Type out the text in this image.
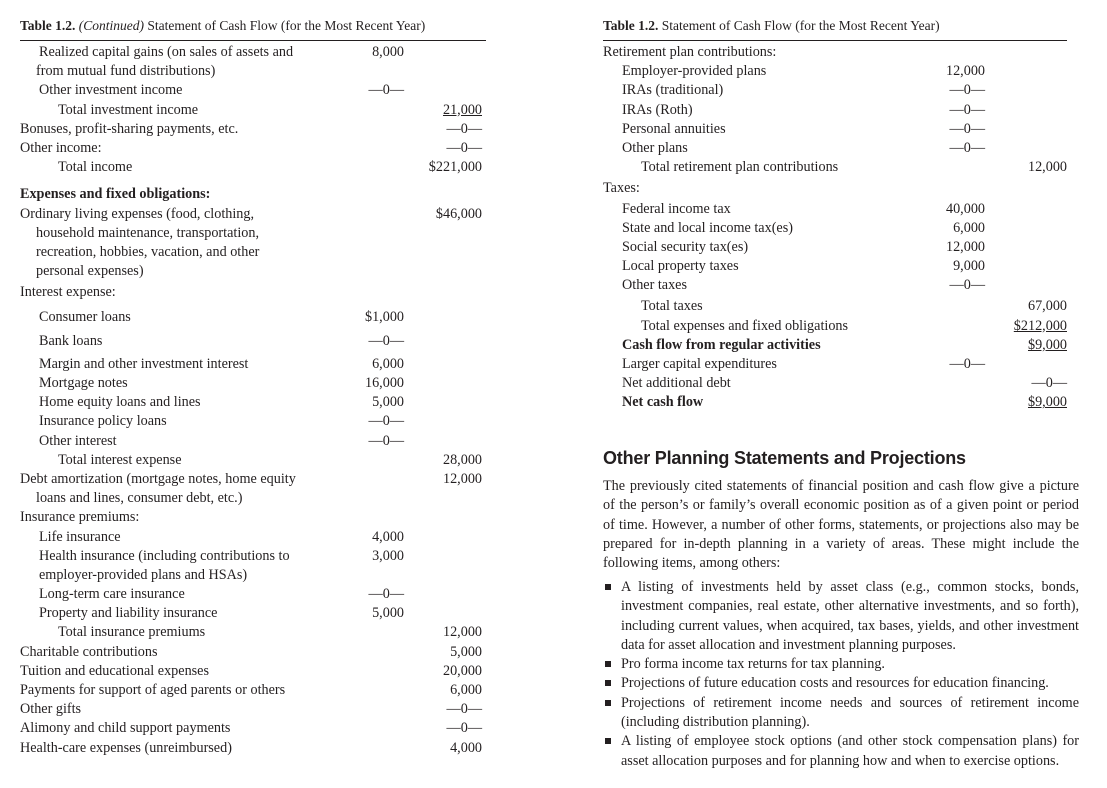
Table 1.2. (Continued) Statement of Cash Flow (for the Most Recent Year)
Realized capital gains (on sales of assets and	8,000
from mutual fund distributions)
Other investment income	—0—
Total investment income	21,000
Bonuses, profit-sharing payments, etc.	—0—
Other income:	—0—
Total income	$221,000
Expenses and fixed obligations:
Ordinary living expenses (food, clothing,	$46,000
household maintenance, transportation,
recreation, hobbies, vacation, and other
personal expenses)
Interest expense:
Consumer loans	$1,000
Bank loans	—0—
Margin and other investment interest	6,000
Mortgage notes	16,000
Home equity loans and lines	5,000
Insurance policy loans	—0—
Other interest	—0—
Total interest expense	28,000
Debt amortization (mortgage notes, home equity	12,000
loans and lines, consumer debt, etc.)
Insurance premiums:
Life insurance	4,000
Health insurance (including contributions to	3,000
employer-provided plans and HSAs)
Long-term care insurance	—0—
Property and liability insurance	5,000
Total insurance premiums	12,000
Charitable contributions	5,000
Tuition and educational expenses	20,000
Payments for support of aged parents or others	6,000
Other gifts	—0—
Alimony and child support payments	—0—
Health-care expenses (unreimbursed)	4,000
Table 1.2. Statement of Cash Flow (for the Most Recent Year)
Retirement plan contributions:
Employer-provided plans	12,000
IRAs (traditional)	—0—
IRAs (Roth)	—0—
Personal annuities	—0—
Other plans	—0—
Total retirement plan contributions	12,000
Taxes:
Federal income tax	40,000
State and local income tax(es)	6,000
Social security tax(es)	12,000
Local property taxes	9,000
Other taxes	—0—
Total taxes	67,000
Total expenses and fixed obligations	$212,000
Cash flow from regular activities	$9,000
Larger capital expenditures	—0—
Net additional debt	—0—
Net cash flow	$9,000
Other Planning Statements and Projections

The previously cited statements of financial position and cash flow give a picture of the person’s or family’s overall economic position as of a given point or period of time. However, a number of other forms, statements, or projections also may be prepared for in-depth planning in a variety of areas. These might include the following items, among others:

A listing of investments held by asset class (e.g., common stocks, bonds, investment companies, real estate, other alternative investments, and so forth), including current values, when acquired, tax bases, yields, and other investment data for asset allocation and investment planning purposes.
Pro forma income tax returns for tax planning.
Projections of future education costs and resources for education financing.
Projections of retirement income needs and sources of retirement income (including distribution planning).
A listing of employee stock options (and other stock compensation plans) for asset allocation purposes and for planning how and when to exercise options.
